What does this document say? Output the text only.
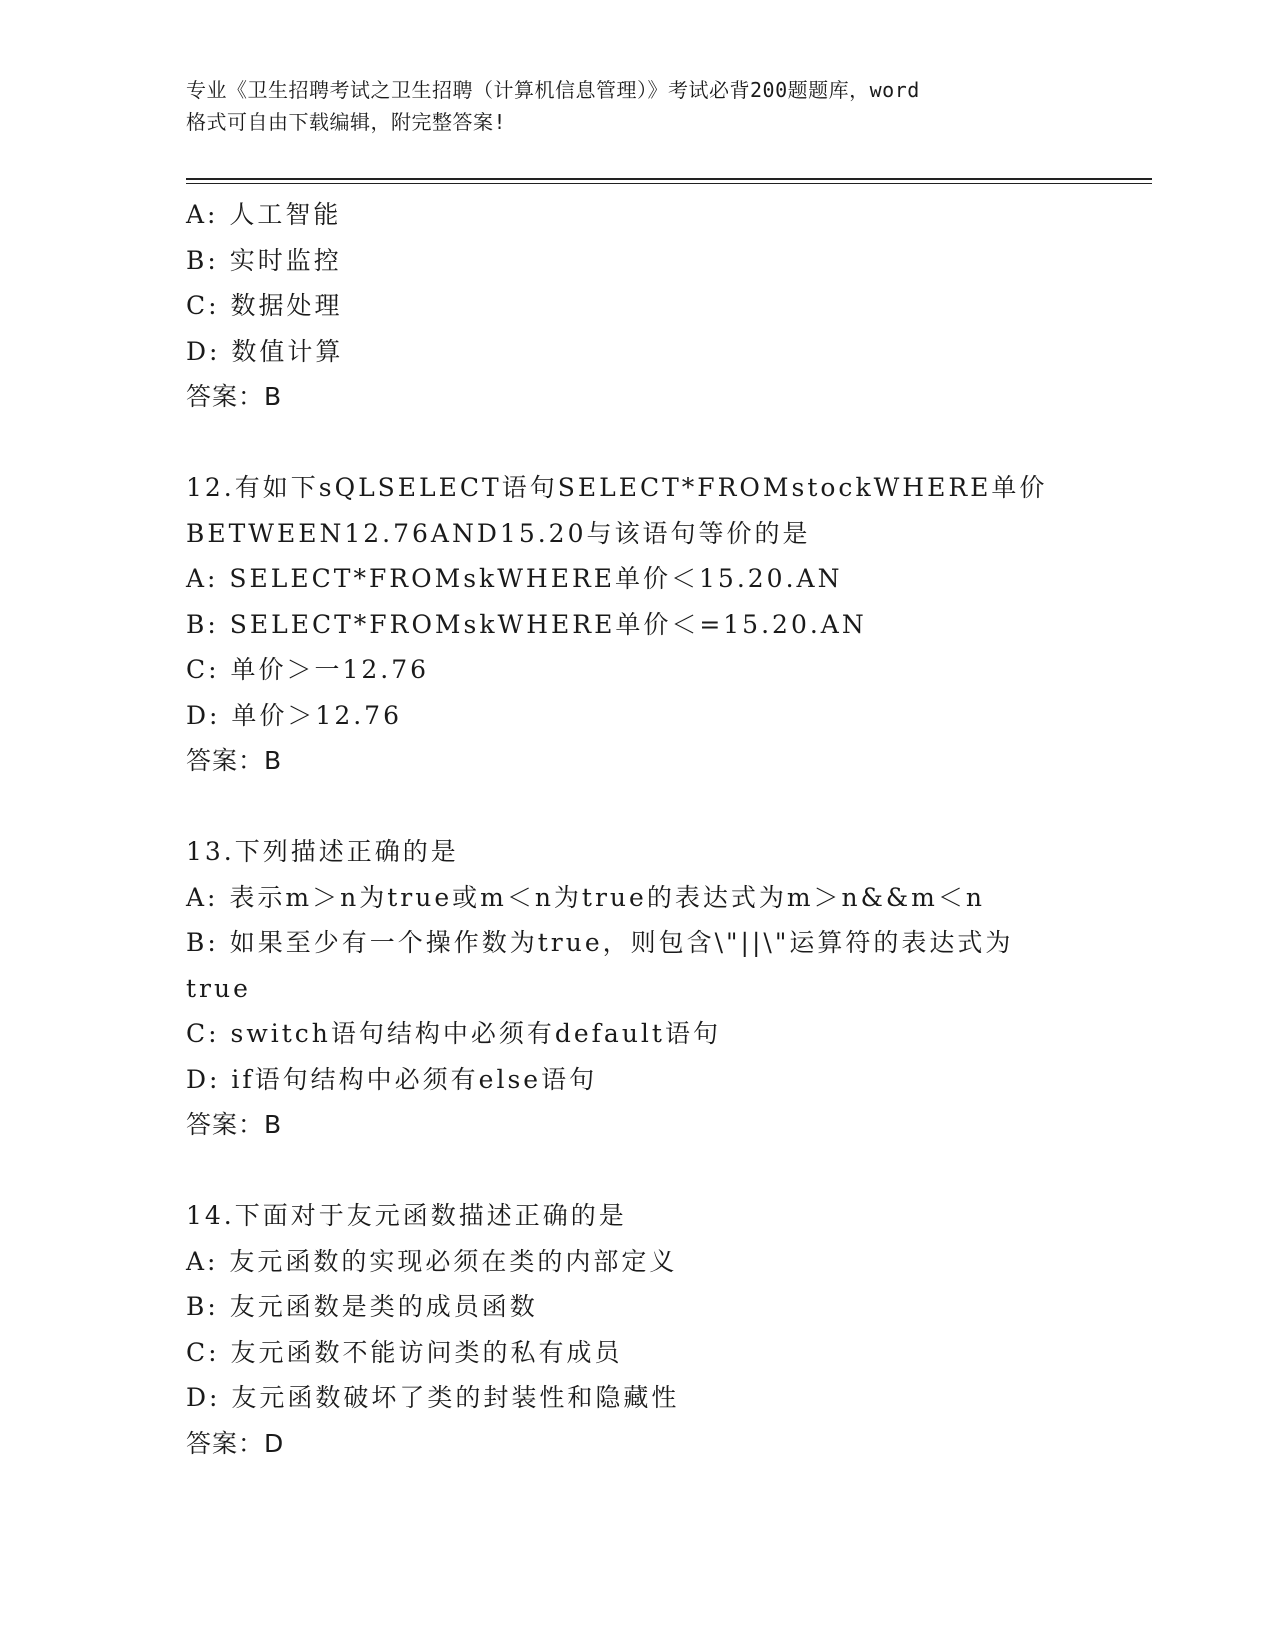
专业《卫生招聘考试之卫生招聘（计算机信息管理）》考试必背200题题库，word
格式可自由下载编辑，附完整答案!
A: 人工智能
B: 实时监控
C: 数据处理
D: 数值计算
答案：B
12.有如下sQLSELECT语句SELECT*FROMstockWHERE单价
BETWEEN12.76AND15.20与该语句等价的是
A: SELECT*FROMskWHERE单价＜15.20.AN
B: SELECT*FROMskWHERE单价＜=15.20.AN
C: 单价＞一12.76
D: 单价＞12.76
答案：B
13.下列描述正确的是
A: 表示m＞n为true或m＜n为true的表达式为m＞n&&m＜n
B: 如果至少有一个操作数为true，则包含\"||\"运算符的表达式为
true
C: switch语句结构中必须有default语句
D: if语句结构中必须有else语句
答案：B
14.下面对于友元函数描述正确的是
A: 友元函数的实现必须在类的内部定义
B: 友元函数是类的成员函数
C: 友元函数不能访问类的私有成员
D: 友元函数破坏了类的封装性和隐藏性
答案：D
